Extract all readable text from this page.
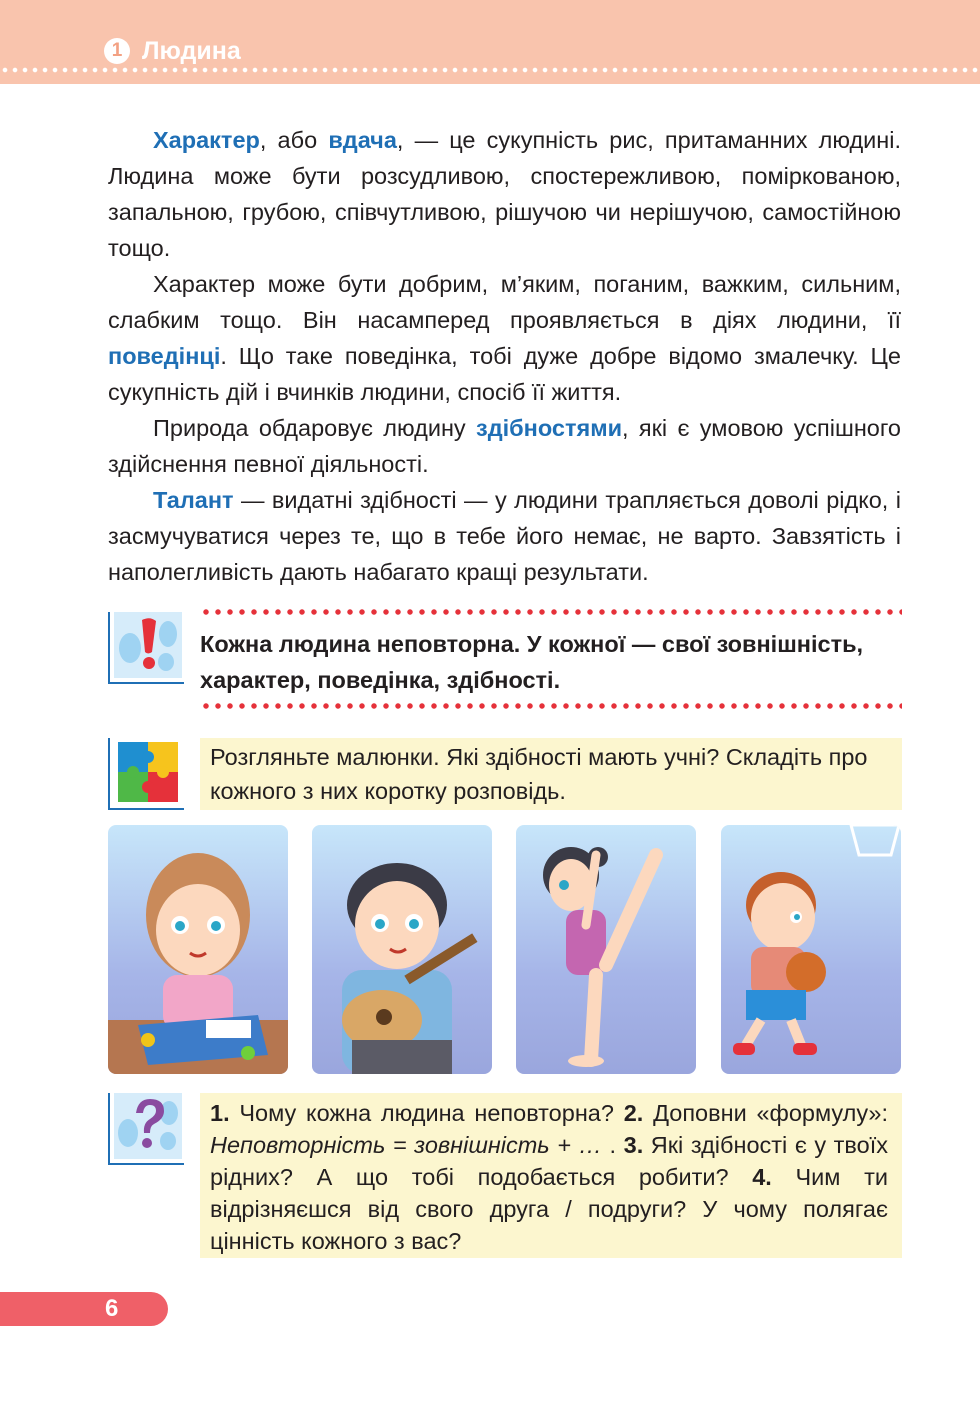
1 Людина

Характер, або вдача, — це сукупність рис, притаманних людині. Людина може бути розсудливою, спостережливою, поміркованою, запальною, грубою, співчутливою, рішучою чи нерішучою, самостійною тощо.

Характер може бути добрим, м’яким, поганим, важким, сильним, слабким тощо. Він насамперед проявляється в діях людини, її поведінці. Що таке поведінка, тобі дуже добре відомо змалечку. Це сукупність дій і вчинків людини, спосіб її життя.

Природа обдаровує людину здібностями, які є умовою успішного здійснення певної діяльності.

Талант — видатні здібності — у людини трапляється доволі рідко, і засмучуватися через те, що в тебе його немає, не варто. Завзятість і наполегливість дають набагато кращі результати.

Кожна людина неповторна. У кожної — свої зовнішність, характер, поведінка, здібності.
Розгляньте малюнки. Які здібності мають учні? Складіть про кожного з них коротку розповідь.
1. Чому кожна людина неповторна? 2. Доповни «формулу»: Неповторність = зовнішність + … . 3. Які здібності є у твоїх рідних? А що тобі подобається робити? 4. Чим ти відрізняєшся від свого друга / подруги? У чому полягає цінність кожного з вас?
6
